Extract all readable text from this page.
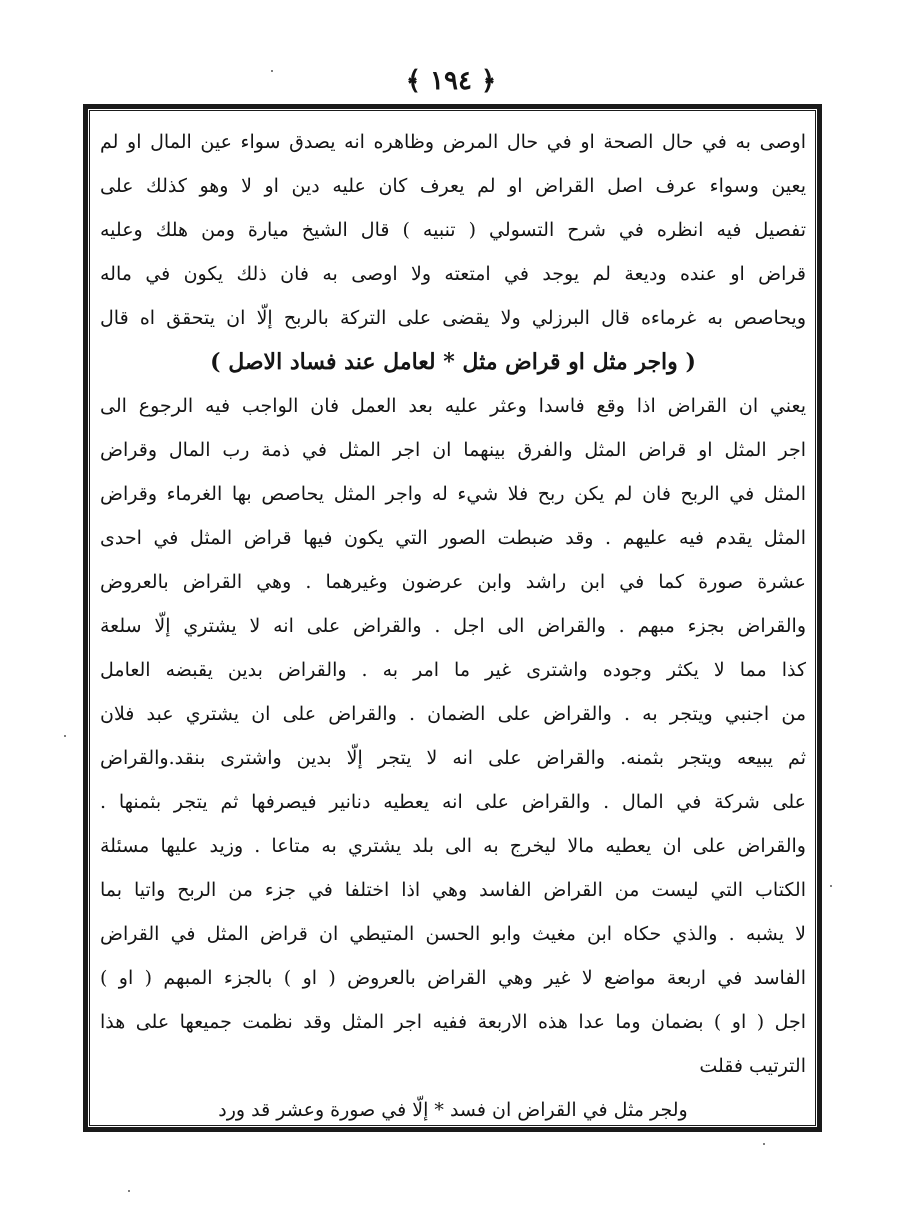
﴿ ١٩٤ ﴾
اوصى به في حال الصحة او في حال المرض وظاهره انه يصدق سواء عين المال او لم
يعين وسواء عرف اصل القراض او لم يعرف كان عليه دين او لا وهو كذلك على
تفصيل فيه انظره في شرح التسولي ( تنبيه ) قال الشيخ ميارة ومن هلك وعليه
قراض او عنده وديعة لم يوجد في امتعته ولا اوصى به فان ذلك يكون في ماله
ويحاصص به غرماءه قال البرزلي ولا يقضى على التركة بالربح إلّا ان يتحقق اه قال
( واجر مثل او قراض مثل * لعامل عند فساد الاصل )
يعني ان القراض اذا وقع فاسدا وعثر عليه بعد العمل فان الواجب فيه الرجوع الى
اجر المثل او قراض المثل والفرق بينهما ان اجر المثل في ذمة رب المال وقراض
المثل في الربح فان لم يكن ربح فلا شيء له واجر المثل يحاصص بها الغرماء وقراض
المثل يقدم فيه عليهم . وقد ضبطت الصور التي يكون فيها قراض المثل في احدى
عشرة صورة كما في ابن راشد وابن عرضون وغيرهما . وهي القراض بالعروض
والقراض بجزء مبهم . والقراض الى اجل . والقراض على انه لا يشتري إلّا سلعة
كذا مما لا يكثر وجوده واشترى غير ما امر به . والقراض بدين يقبضه العامل
من اجنبي ويتجر به . والقراض على الضمان . والقراض على ان يشتري عبد فلان
ثم يبيعه ويتجر بثمنه. والقراض على انه لا يتجر إلّا بدين واشترى بنقد.والقراض
على شركة في المال . والقراض على انه يعطيه دنانير فيصرفها ثم يتجر بثمنها .
والقراض على ان يعطيه مالا ليخرج به الى بلد يشتري به متاعا . وزيد عليها مسئلة
الكتاب التي ليست من القراض الفاسد وهي اذا اختلفا في جزء من الربح واتيا بما
لا يشبه . والذي حكاه ابن مغيث وابو الحسن المتيطي ان قراض المثل في القراض
الفاسد في اربعة مواضع لا غير وهي القراض بالعروض ( او ) بالجزء المبهم ( او )
اجل ( او ) بضمان وما عدا هذه الاربعة ففيه اجر المثل وقد نظمت جميعها على هذا
الترتيب فقلت
ولجر مثل في القراض ان فسد * إلّا في صورة وعشر قد ورد
